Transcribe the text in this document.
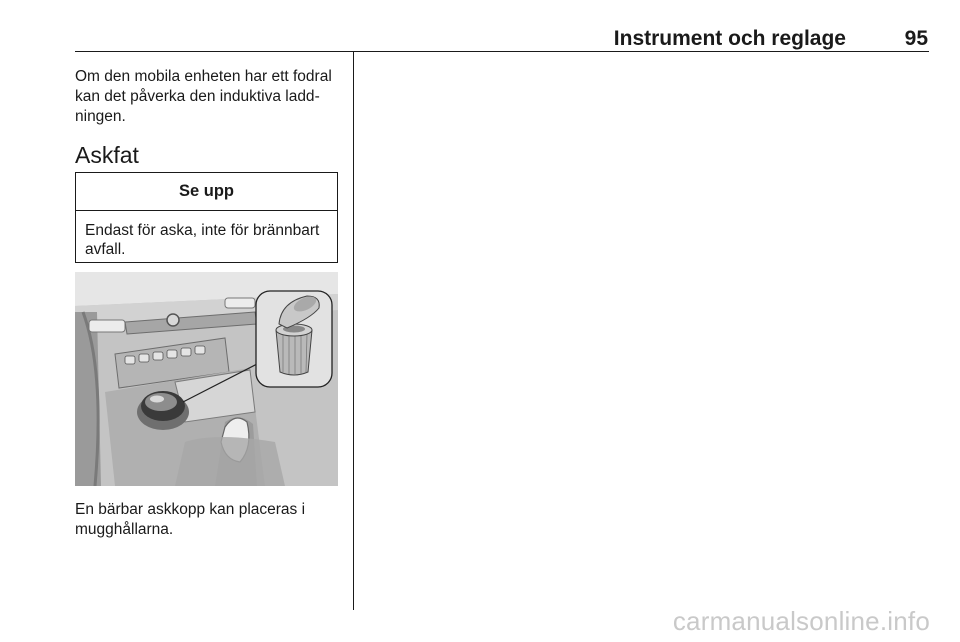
Instrument och reglage	95

Om den mobila enheten har ett fodral kan det påverka den induktiva laddningen.

Askfat
Se upp
Endast för aska, inte för brännbart avfall.

En bärbar askkopp kan placeras i mugghållarna.

carmanualsonline.info
